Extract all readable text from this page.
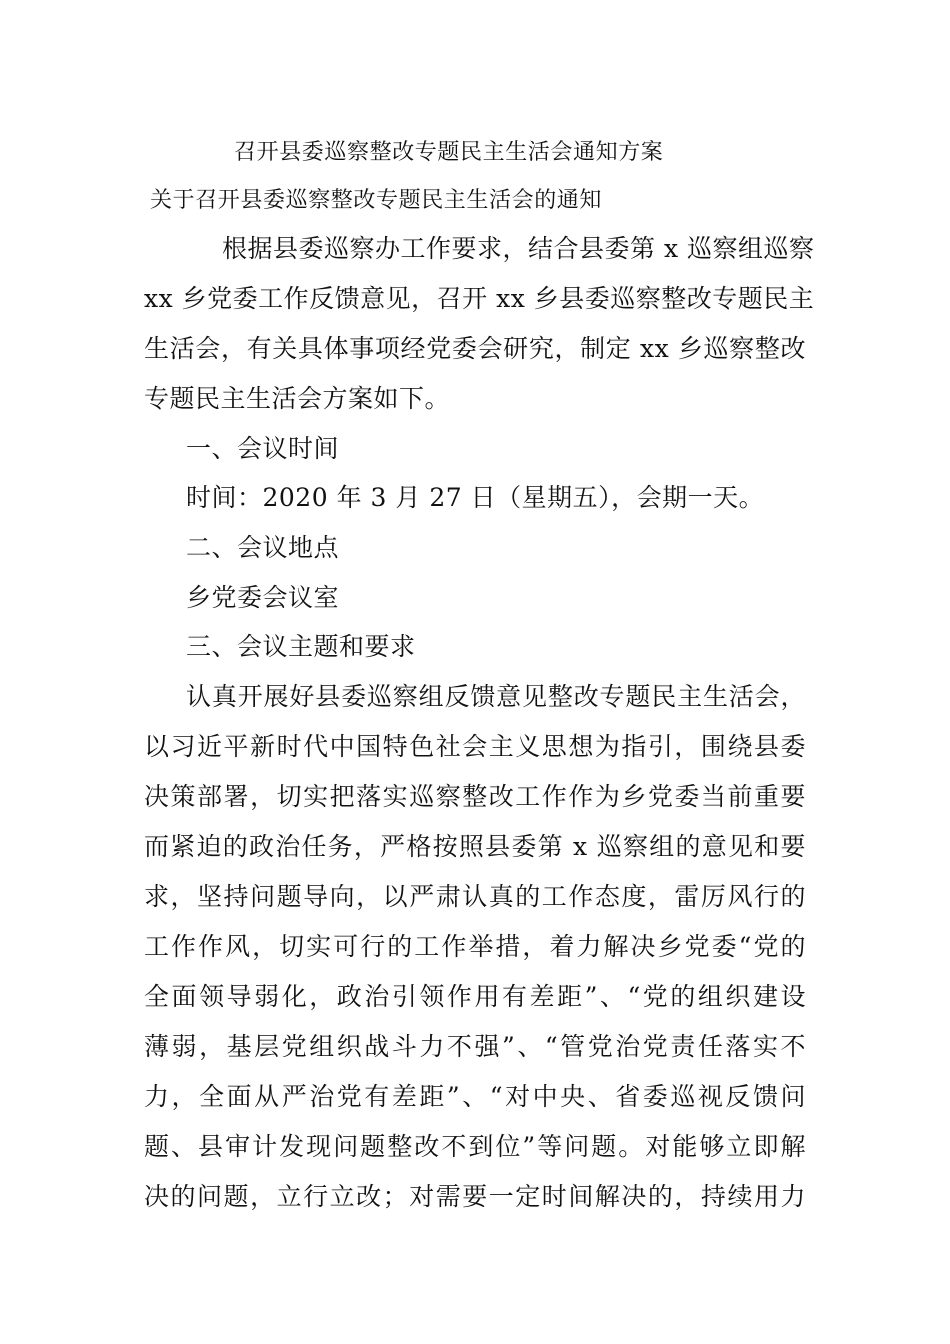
召开县委巡察整改专题民主生活会通知方案
关于召开县委巡察整改专题民主生活会的通知
根据县委巡察办工作要求，结合县委第 x 巡察组巡察
xx 乡党委工作反馈意见，召开 xx 乡县委巡察整改专题民主
生活会，有关具体事项经党委会研究，制定 xx 乡巡察整改
专题民主生活会方案如下。
一、会议时间
时间：2020 年 3 月 27 日（星期五），会期一天。
二、会议地点
乡党委会议室
三、会议主题和要求
认真开展好县委巡察组反馈意见整改专题民主生活会，
以习近平新时代中国特色社会主义思想为指引，围绕县委
决策部署，切实把落实巡察整改工作作为乡党委当前重要
而紧迫的政治任务，严格按照县委第 x 巡察组的意见和要
求，坚持问题导向，以严肃认真的工作态度，雷厉风行的
工作作风，切实可行的工作举措，着力解决乡党委“党的
全面领导弱化，政治引领作用有差距”、“党的组织建设
薄弱，基层党组织战斗力不强”、“管党治党责任落实不
力，全面从严治党有差距”、“对中央、省委巡视反馈问
题、县审计发现问题整改不到位”等问题。对能够立即解
决的问题，立行立改；对需要一定时间解决的，持续用力
